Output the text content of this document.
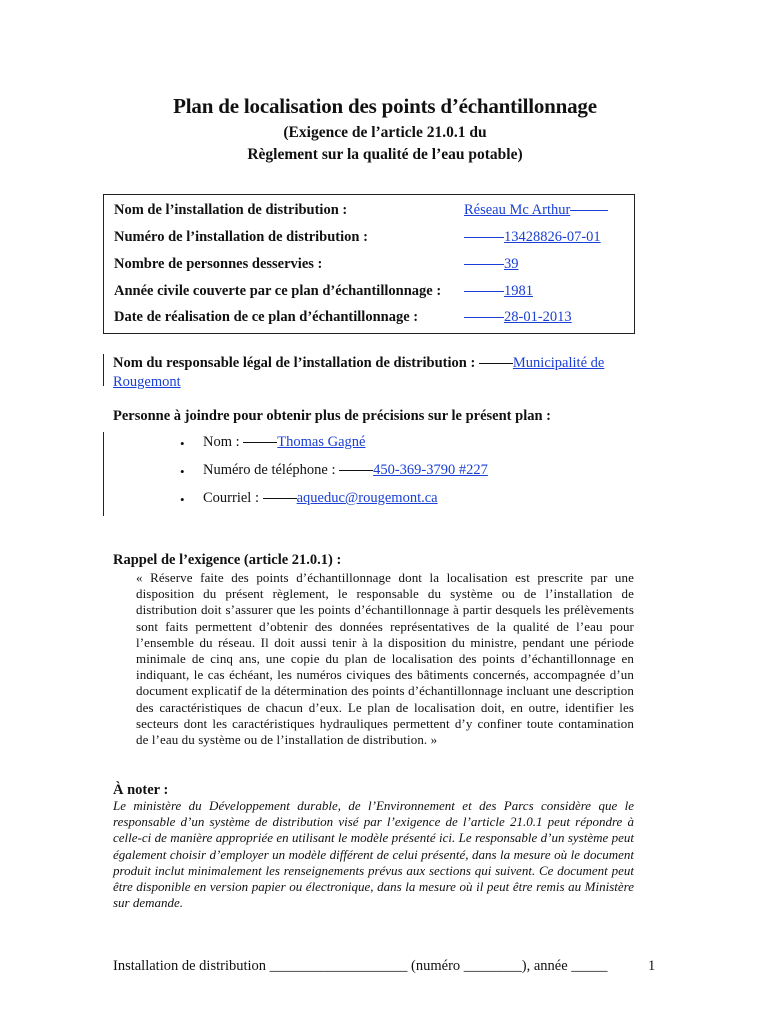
Plan de localisation des points d’échantillonnage
(Exigence de l’article 21.0.1 du
Règlement sur la qualité de l’eau potable)
Nom de l’installation de distribution :	Réseau Mc Arthur
Numéro de l’installation de distribution :	13428826-07-01
Nombre de personnes desservies :	39
Année civile couverte par ce plan d’échantillonnage :	1981
Date de réalisation de ce plan d’échantillonnage :	28-01-2013
Nom du responsable légal de l’installation de distribution :	Municipalité de
Rougemont
Personne à joindre pour obtenir plus de précisions sur le présent plan :
• Nom :	Thomas Gagné
• Numéro de téléphone :	450-369-3790 #227
• Courriel :	aqueduc@rougemont.ca
Rappel de l’exigence (article 21.0.1) :
« Réserve faite des points d’échantillonnage dont la localisation est prescrite par une disposition du présent règlement, le responsable du système ou de l’installation de distribution doit s’assurer que les points d’échantillonnage à partir desquels les prélèvements sont faits permettent d’obtenir des données représentatives de la qualité de l’eau pour l’ensemble du réseau. Il doit aussi tenir à la disposition du ministre, pendant une période minimale de cinq ans, une copie du plan de localisation des points d’échantillonnage en indiquant, le cas échéant, les numéros civiques des bâtiments concernés, accompagnée d’un document explicatif de la détermination des points d’échantillonnage incluant une description des caractéristiques de chacun d’eux. Le plan de localisation doit, en outre, identifier les secteurs dont les caractéristiques hydrauliques permettent d’y confiner toute contamination de l’eau du système ou de l’installation de distribution. »
À noter :
Le ministère du Développement durable, de l’Environnement et des Parcs considère que le responsable d’un système de distribution visé par l’exigence de l’article 21.0.1 peut répondre à celle-ci de manière appropriée en utilisant le modèle présenté ici. Le responsable d’un système peut également choisir d’employer un modèle différent de celui présenté, dans la mesure où le document produit inclut minimalement les renseignements prévus aux sections qui suivent. Ce document peut être disponible en version papier ou électronique, dans la mesure où il peut être remis au Ministère sur demande.
Installation de distribution ___________________ (numéro ________), année _____	1
